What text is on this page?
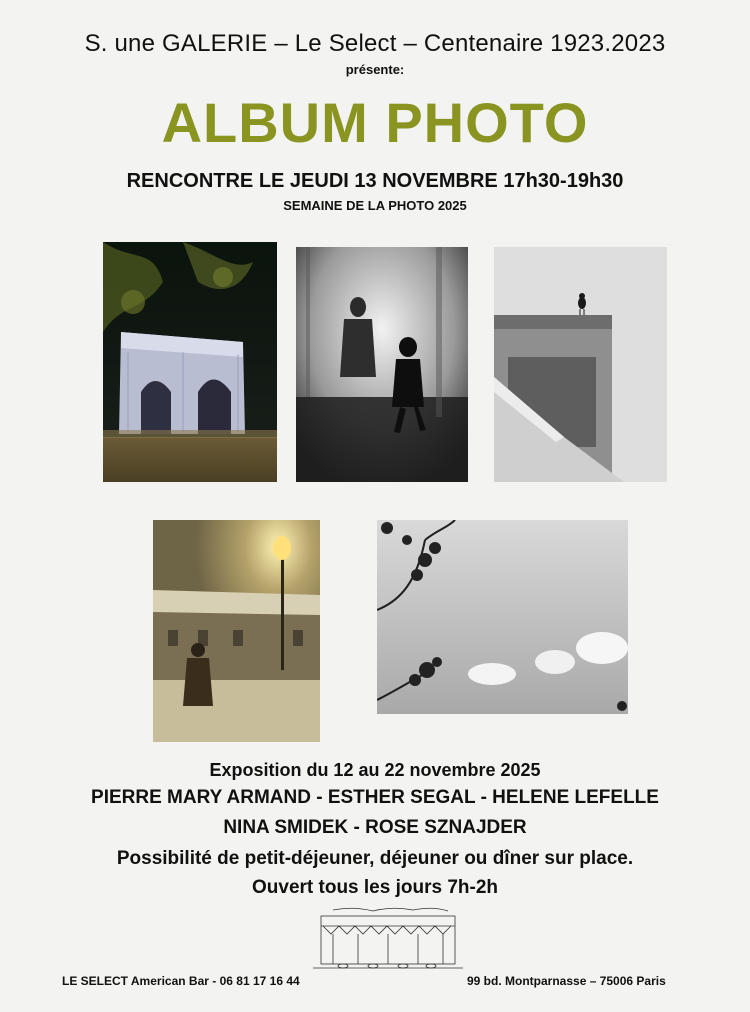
S. une GALERIE – Le Select – Centenaire 1923.2023
présente:
ALBUM PHOTO
RENCONTRE LE JEUDI 13 NOVEMBRE 17h30-19h30
SEMAINE DE LA PHOTO 2025
Exposition du 12 au 22 novembre 2025
PIERRE MARY ARMAND - ESTHER SEGAL - HELENE LEFELLE
NINA SMIDEK - ROSE SZNAJDER
Possibilité de petit-déjeuner, déjeuner ou dîner sur place.
Ouvert tous les jours 7h-2h
LE SELECT American Bar - 06 81 17 16 44	99 bd. Montparnasse – 75006 Paris
